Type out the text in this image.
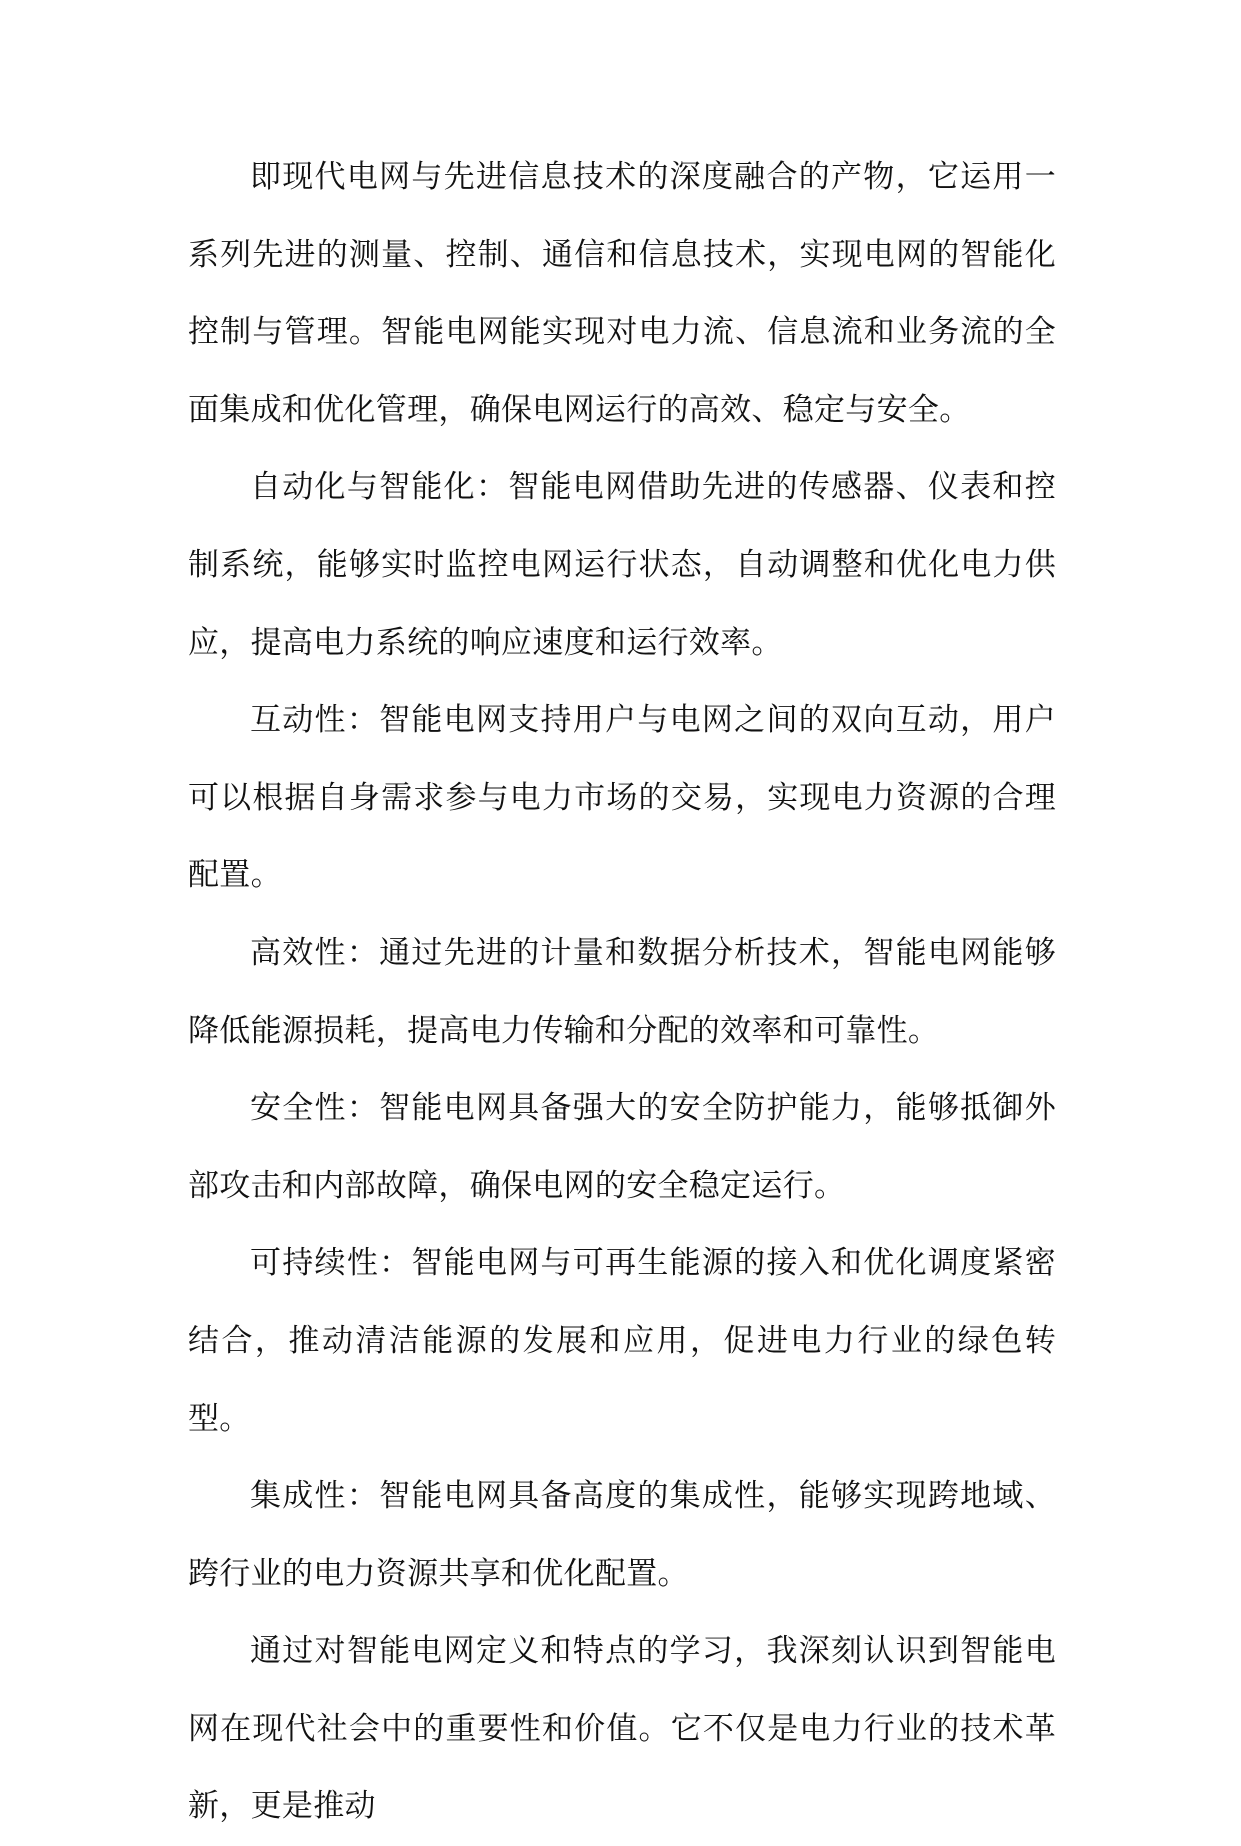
即现代电网与先进信息技术的深度融合的产物，它运用一系列先进的测量、控制、通信和信息技术，实现电网的智能化控制与管理。智能电网能实现对电力流、信息流和业务流的全面集成和优化管理，确保电网运行的高效、稳定与安全。

自动化与智能化：智能电网借助先进的传感器、仪表和控制系统，能够实时监控电网运行状态，自动调整和优化电力供应，提高电力系统的响应速度和运行效率。

互动性：智能电网支持用户与电网之间的双向互动，用户可以根据自身需求参与电力市场的交易，实现电力资源的合理配置。

高效性：通过先进的计量和数据分析技术，智能电网能够降低能源损耗，提高电力传输和分配的效率和可靠性。

安全性：智能电网具备强大的安全防护能力，能够抵御外部攻击和内部故障，确保电网的安全稳定运行。

可持续性：智能电网与可再生能源的接入和优化调度紧密结合，推动清洁能源的发展和应用，促进电力行业的绿色转型。

集成性：智能电网具备高度的集成性，能够实现跨地域、跨行业的电力资源共享和优化配置。

通过对智能电网定义和特点的学习，我深刻认识到智能电网在现代社会中的重要性和价值。它不仅是电力行业的技术革新，更是推动
